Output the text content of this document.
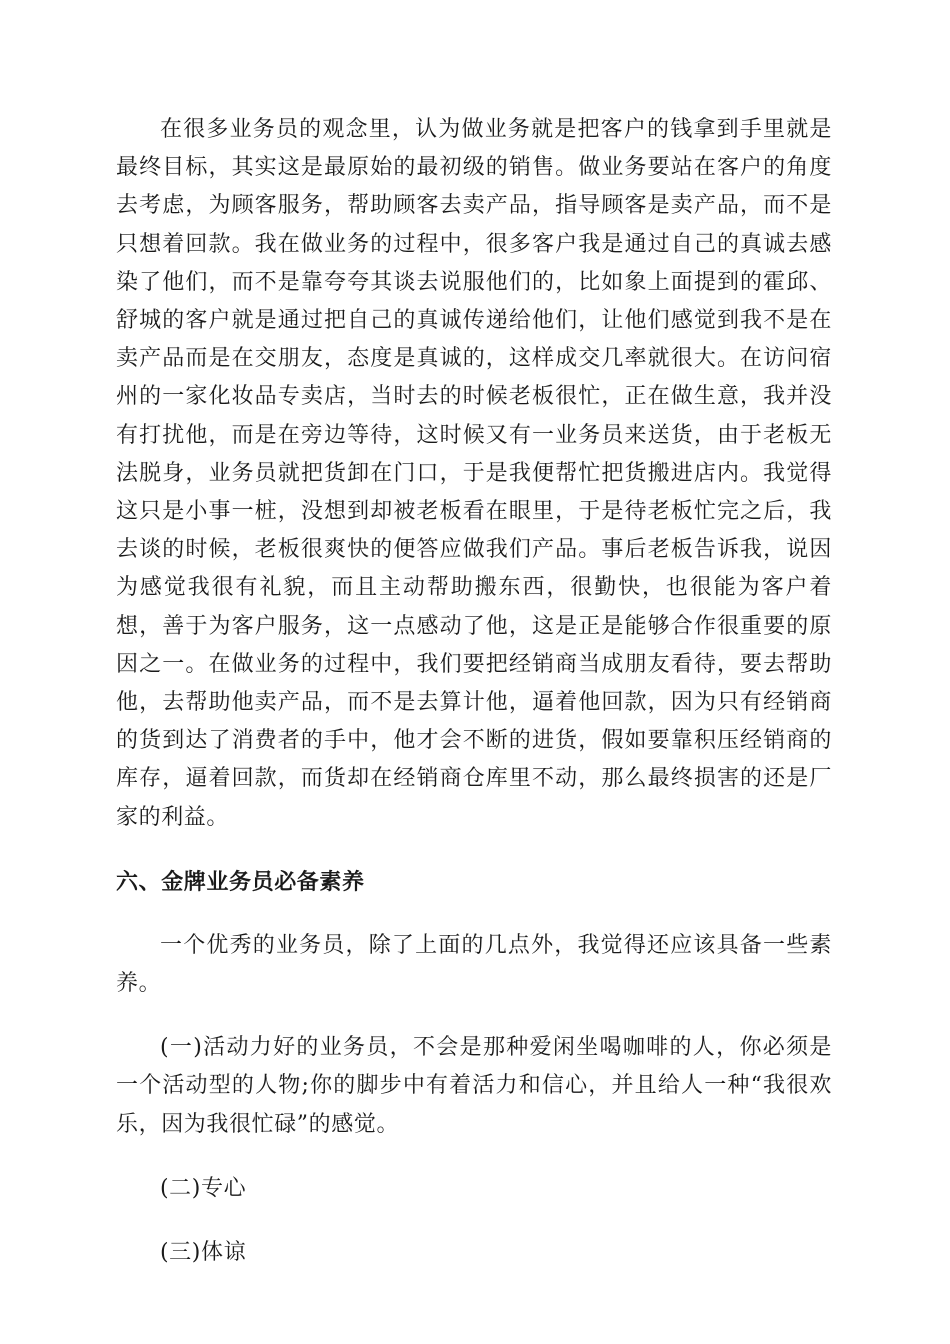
在很多业务员的观念里，认为做业务就是把客户的钱拿到手里就是最终目标，其实这是最原始的最初级的销售。做业务要站在客户的角度去考虑，为顾客服务，帮助顾客去卖产品，指导顾客是卖产品，而不是只想着回款。我在做业务的过程中，很多客户我是通过自己的真诚去感染了他们，而不是靠夸夸其谈去说服他们的，比如象上面提到的霍邱、舒城的客户就是通过把自己的真诚传递给他们，让他们感觉到我不是在卖产品而是在交朋友，态度是真诚的，这样成交几率就很大。在访问宿州的一家化妆品专卖店，当时去的时候老板很忙，正在做生意，我并没有打扰他，而是在旁边等待，这时候又有一业务员来送货，由于老板无法脱身，业务员就把货卸在门口，于是我便帮忙把货搬进店内。我觉得这只是小事一桩，没想到却被老板看在眼里，于是待老板忙完之后，我去谈的时候，老板很爽快的便答应做我们产品。事后老板告诉我，说因为感觉我很有礼貌，而且主动帮助搬东西，很勤快，也很能为客户着想，善于为客户服务，这一点感动了他，这是正是能够合作很重要的原因之一。在做业务的过程中，我们要把经销商当成朋友看待，要去帮助他，去帮助他卖产品，而不是去算计他，逼着他回款，因为只有经销商的货到达了消费者的手中，他才会不断的进货，假如要靠积压经销商的库存，逼着回款，而货却在经销商仓库里不动，那么最终损害的还是厂家的利益。

六、金牌业务员必备素养

一个优秀的业务员，除了上面的几点外，我觉得还应该具备一些素养。

(一)活动力好的业务员，不会是那种爱闲坐喝咖啡的人，你必须是一个活动型的人物;你的脚步中有着活力和信心，并且给人一种“我很欢乐，因为我很忙碌”的感觉。

(二)专心

(三)体谅
